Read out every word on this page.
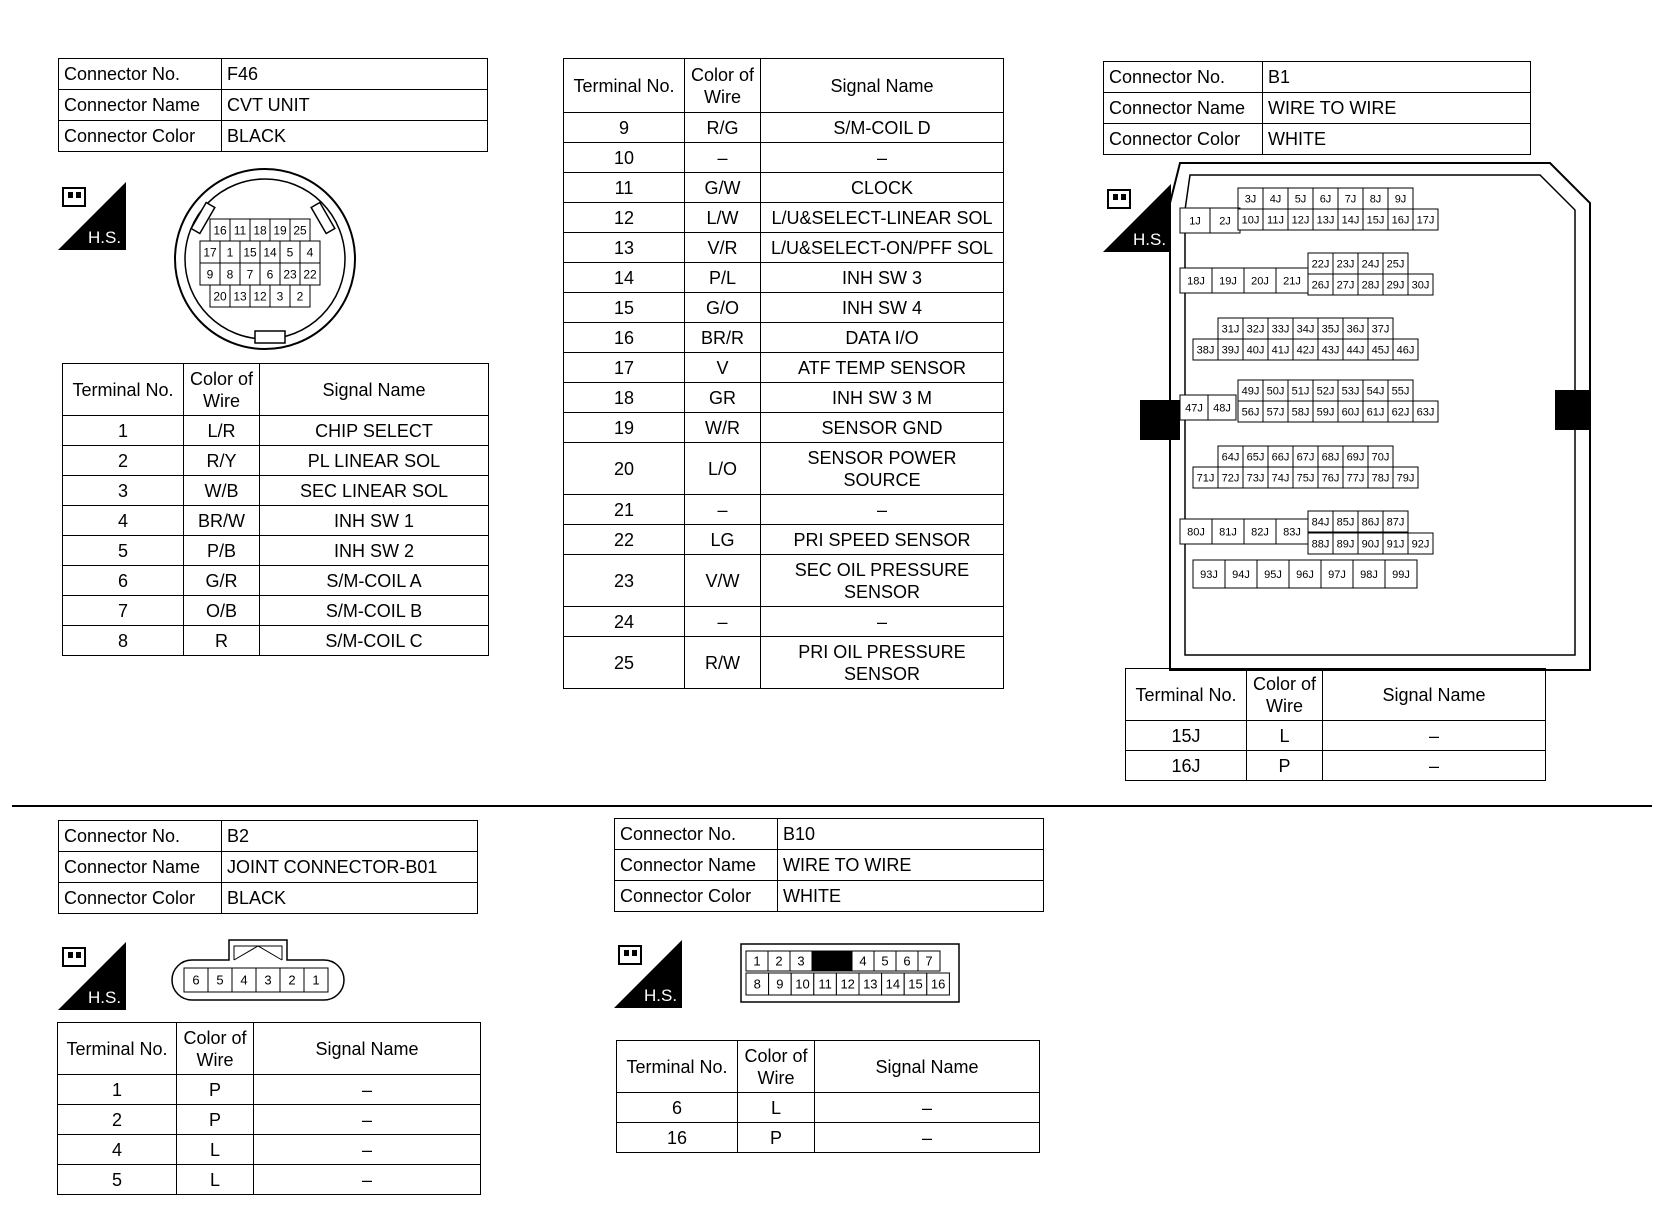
Connector No.	F46
Connector Name	CVT UNIT
Connector Color	BLACK
H.S.	16 11 18 19 25
17 1 15 14 5 4
9 8 7 6 23 22
20 13 12 3 2
Terminal No.	Color of
Wire	Signal Name
1	L/R	CHIP SELECT

2	R/Y	PL LINEAR SOL

3	W/B	SEC LINEAR SOL

4	BR/W	INH SW 1

5	P/B	INH SW 2

6	G/R	S/M-COIL A

7	O/B	S/M-COIL B

8	R	S/M-COIL C
Terminal No.	Color of
Wire	Signal Name
9	R/G	S/M-COIL D

10	–	–

11	G/W	CLOCK

12	L/W	L/U&SELECT-LINEAR SOL

13	V/R	L/U&SELECT-ON/PFF SOL

14	P/L	INH SW 3

15	G/O	INH SW 4

16	BR/R	DATA I/O

17	V	ATF TEMP SENSOR

18	GR	INH SW 3 M

19	W/R	SENSOR GND

20	L/O	SENSOR POWER
SOURCE

21	–	–

22	LG	PRI SPEED SENSOR

23	V/W	SEC OIL PRESSURE
SENSOR

24	–	–

25	R/W	PRI OIL PRESSURE
SENSOR
Connector No.	B1
Connector Name	WIRE TO WIRE
Connector Color	WHITE
H.S.
3J 4J 5J 6J 7J 8J 9J
1J 2J 10J 11J 12J 13J 14J 15J 16J 17J
22J 23J 24J 25J
18J 19J 20J 21J 26J 27J 28J 29J 30J
31J 32J 33J 34J 35J 36J 37J
38J 39J 40J 41J 42J 43J 44J 45J 46J
49J 50J 51J 52J 53J 54J 55J
47J 48J 56J 57J 58J 59J 60J 61J 62J 63J
64J 65J 66J 67J 68J 69J 70J
71J 72J 73J 74J 75J 76J 77J 78J 79J
84J 85J 86J 87J
80J 81J 82J 83J
88J 89J 90J 91J 92J
93J 94J 95J 96J 97J 98J 99J
Terminal No.	Color of
Wire	Signal Name
15J	L	–

16J	P	–
Connector No.	B2
Connector Name	JOINT CONNECTOR-B01
Connector Color	BLACK
H.S.
6 5 4 3 2 1
Terminal No.	Color of
Wire	Signal Name
1	P	–

2	P	–

4	L	–

5	L	–
Connector No.	B10
Connector Name	WIRE TO WIRE
Connector Color	WHITE
H.S.
1 2 3	4 5 6 7
8 9 10 11 12 13 14 15 16
Terminal No.	Color of
Wire	Signal Name
6	L	–

16	P	–
